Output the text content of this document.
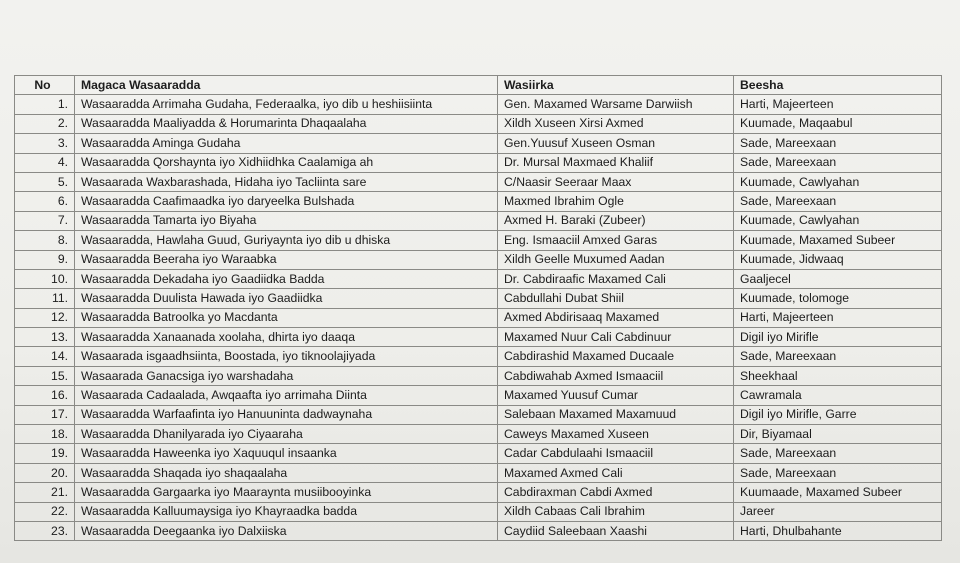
No	Magaca Wasaaradda	Wasiirka	Beesha
1.	Wasaaradda Arrimaha Gudaha, Federaalka, iyo dib u heshiisiinta	Gen. Maxamed Warsame Darwiish	Harti, Majeerteen
2.	Wasaaradda Maaliyadda & Horumarinta Dhaqaalaha	Xildh Xuseen Xirsi Axmed	Kuumade, Maqaabul
3.	Wasaaradda Aminga Gudaha	Gen.Yuusuf Xuseen Osman	Sade, Mareexaan
4.	Wasaaradda Qorshaynta iyo Xidhiidhka Caalamiga ah	Dr. Mursal Maxmaed Khaliif	Sade, Mareexaan
5.	Wasaarada Waxbarashada, Hidaha iyo Tacliinta sare	C/Naasir Seeraar Maax	Kuumade, Cawlyahan
6.	Wasaaradda Caafimaadka iyo daryeelka Bulshada	Maxmed Ibrahim Ogle	Sade, Mareexaan
7.	Wasaaradda Tamarta iyo Biyaha	Axmed H. Baraki (Zubeer)	Kuumade, Cawlyahan
8.	Wasaaradda, Hawlaha Guud, Guriyaynta iyo dib u dhiska	Eng. Ismaaciil Amxed Garas	Kuumade, Maxamed Subeer
9.	Wasaaradda Beeraha iyo Waraabka	Xildh Geelle Muxumed Aadan	Kuumade, Jidwaaq
10.	Wasaaradda Dekadaha iyo Gaadiidka Badda	Dr. Cabdiraafic Maxamed Cali	Gaaljecel
11.	Wasaaradda Duulista Hawada iyo Gaadiidka	Cabdullahi Dubat Shiil	Kuumade, tolomoge
12.	Wasaaradda Batroolka yo Macdanta	Axmed Abdirisaaq Maxamed	Harti, Majeerteen
13.	Wasaaradda Xanaanada xoolaha, dhirta iyo daaqa	Maxamed Nuur Cali Cabdinuur	Digil iyo Mirifle
14.	Wasaarada isgaadhsiinta, Boostada, iyo tiknoolajiyada	Cabdirashid Maxamed Ducaale	Sade, Mareexaan
15.	Wasaarada Ganacsiga iyo warshadaha	Cabdiwahab Axmed Ismaaciil	Sheekhaal
16.	Wasaarada Cadaalada, Awqaafta iyo arrimaha Diinta	Maxamed Yuusuf Cumar	Cawramala
17.	Wasaaradda Warfaafinta iyo Hanuuninta dadwaynaha	Salebaan Maxamed Maxamuud	Digil iyo Mirifle, Garre
18.	Wasaaradda Dhanilyarada iyo Ciyaaraha	Caweys Maxamed Xuseen	Dir, Biyamaal
19.	Wasaaradda Haweenka iyo Xaquuqul insaanka	Cadar Cabdulaahi Ismaaciil	Sade, Mareexaan
20.	Wasaaradda Shaqada iyo shaqaalaha	Maxamed Axmed Cali	Sade, Mareexaan
21.	Wasaaradda Gargaarka iyo Maaraynta musiibooyinka	Cabdiraxman Cabdi Axmed	Kuumaade, Maxamed Subeer
22.	Wasaaradda Kalluumaysiga iyo Khayraadka badda	Xildh Cabaas Cali Ibrahim	Jareer
23.	Wasaaradda Deegaanka iyo Dalxiiska	Caydiid Saleebaan Xaashi	Harti, Dhulbahante
